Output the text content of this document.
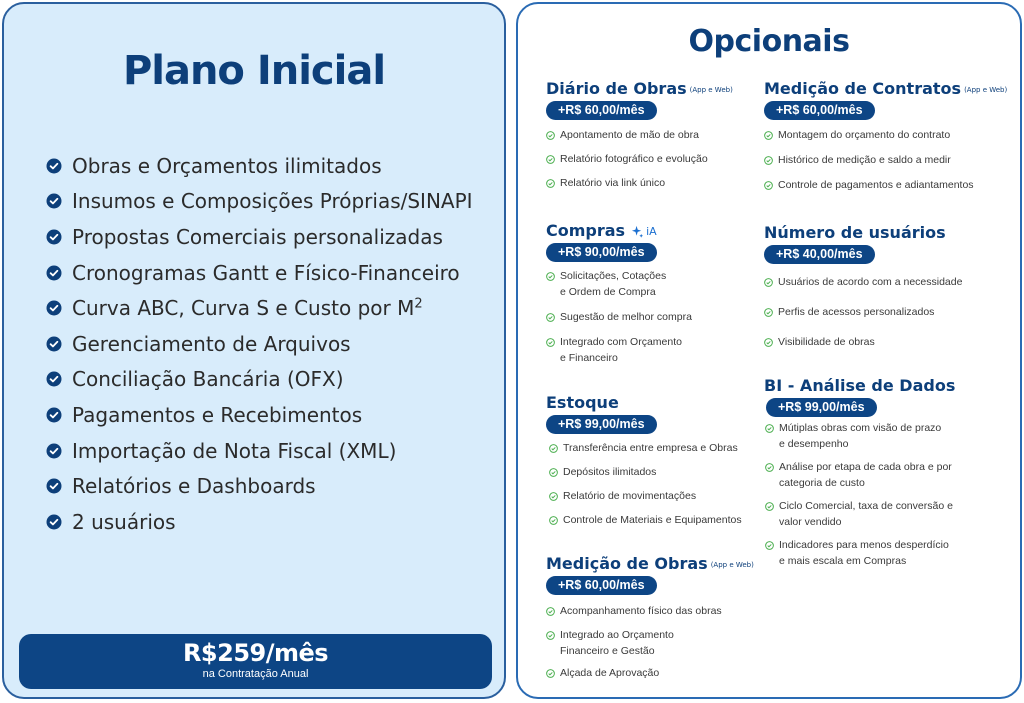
Plano Inicial
Obras e Orçamentos ilimitados
Insumos e Composições Próprias/SINAPI
Propostas Comerciais personalizadas
Cronogramas Gantt e Físico-Financeiro
Curva ABC, Curva S e Custo por $M^2$
Gerenciamento de Arquivos
Conciliação Bancária (OFX)
Pagamentos e Recebimentos
Importação de Nota Fiscal (XML)
Relatórios e Dashboards
2 usuários
R$259/mês
na Contratação Anual
Opcionais
Diário de Obras (App e Web)
+R$ 60,00/mês
Apontamento de mão de obra
Relatório fotográfico e evolução
Relatório via link único
Compras iA
+R$ 90,00/mês
Solicitações, Cotações
e Ordem de Compra
Sugestão de melhor compra
Integrado com Orçamento
e Financeiro
Estoque
+R$ 99,00/mês
Transferência entre empresa e Obras
Depósitos ilimitados
Relatório de movimentações
Controle de Materiais e Equipamentos
Medição de Obras (App e Web)
+R$ 60,00/mês
Acompanhamento físico das obras
Integrado ao Orçamento
Financeiro e Gestão
Alçada de Aprovação
Medição de Contratos (App e Web)
+R$ 60,00/mês
Montagem do orçamento do contrato
Histórico de medição e saldo a medir
Controle de pagamentos e adiantamentos
Número de usuários
+R$ 40,00/mês
Usuários de acordo com a necessidade
Perfis de acessos personalizados
Visibilidade de obras
BI - Análise de Dados
+R$ 99,00/mês
Mútiplas obras com visão de prazo
e desempenho
Análise por etapa de cada obra e por
categoria de custo
Ciclo Comercial, taxa de conversão e
valor vendido
Indicadores para menos desperdício
e mais escala em Compras
